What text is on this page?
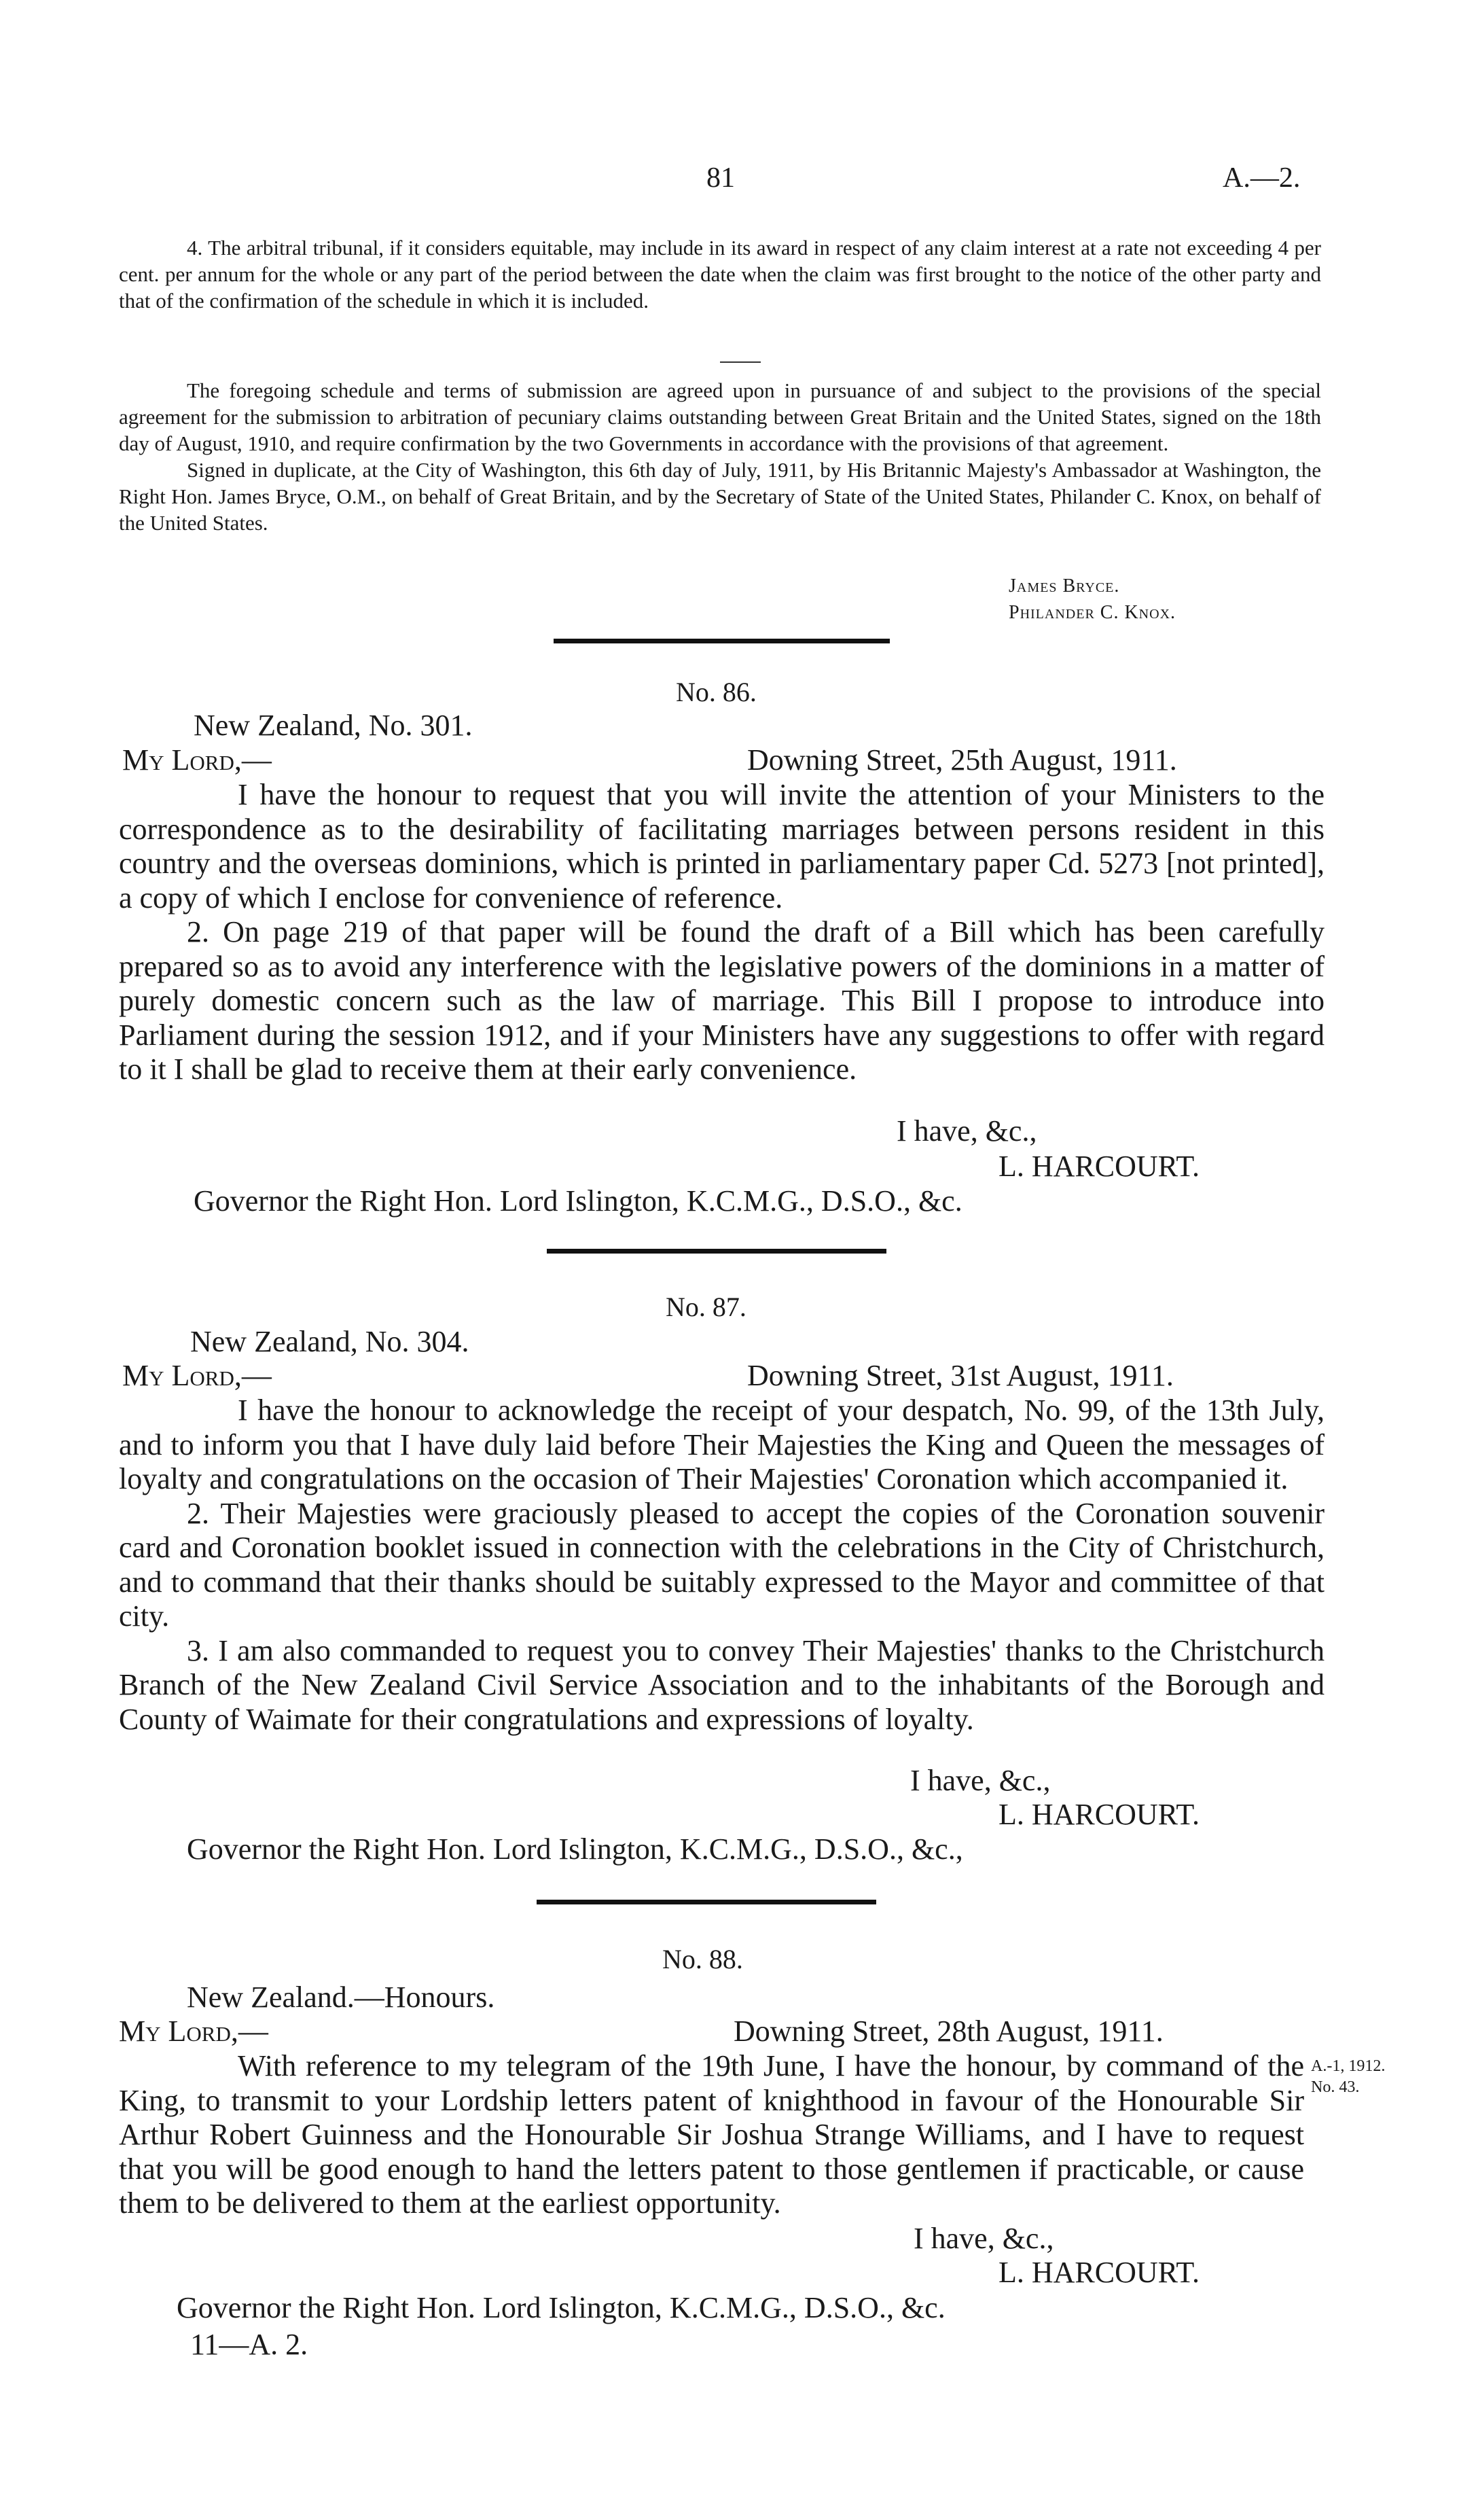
81	A.—2.

4. The arbitral tribunal, if it considers equitable, may include in its award in respect of any claim interest at a rate not exceeding 4 per cent. per annum for the whole or any part of the period between the date when the claim was first brought to the notice of the other party and that of the confirmation of the schedule in which it is included.

The foregoing schedule and terms of submission are agreed upon in pursuance of and subject to the provisions of the special agreement for the submission to arbitration of pecuniary claims outstanding between Great Britain and the United States, signed on the 18th day of August, 1910, and require confirmation by the two Governments in accordance with the provisions of that agreement.

Signed in duplicate, at the City of Washington, this 6th day of July, 1911, by His Britannic Majesty's Ambassador at Washington, the Right Hon. James Bryce, O.M., on behalf of Great Britain, and by the Secretary of State of the United States, Philander C. Knox, on behalf of the United States.

James Bryce.
Philander C. Knox.
No. 86.
New Zealand, No. 301.
My Lord,—	Downing Street, 25th August, 1911.

I have the honour to request that you will invite the attention of your Ministers to the correspondence as to the desirability of facilitating marriages between persons resident in this country and the overseas dominions, which is printed in parliamentary paper Cd. 5273 [not printed], a copy of which I enclose for convenience of reference.

2. On page 219 of that paper will be found the draft of a Bill which has been carefully prepared so as to avoid any interference with the legislative powers of the dominions in a matter of purely domestic concern such as the law of marriage. This Bill I propose to introduce into Parliament during the session 1912, and if your Ministers have any suggestions to offer with regard to it I shall be glad to receive them at their early convenience.

I have, &c.,
L. HARCOURT.
Governor the Right Hon. Lord Islington, K.C.M.G., D.S.O., &c.
No. 87.
New Zealand, No. 304.
My Lord,—	Downing Street, 31st August, 1911.

I have the honour to acknowledge the receipt of your despatch, No. 99, of the 13th July, and to inform you that I have duly laid before Their Majesties the King and Queen the messages of loyalty and congratulations on the occasion of Their Majesties' Coronation which accompanied it.

2. Their Majesties were graciously pleased to accept the copies of the Coronation souvenir card and Coronation booklet issued in connection with the celebrations in the City of Christchurch, and to command that their thanks should be suitably expressed to the Mayor and committee of that city.

3. I am also commanded to request you to convey Their Majesties' thanks to the Christchurch Branch of the New Zealand Civil Service Association and to the inhabitants of the Borough and County of Waimate for their congratulations and expressions of loyalty.

I have, &c.,
L. HARCOURT.
Governor the Right Hon. Lord Islington, K.C.M.G., D.S.O., &c.,
No. 88.
New Zealand.—Honours.
My Lord,—	Downing Street, 28th August, 1911.

With reference to my telegram of the 19th June, I have the honour, by command of the King, to transmit to your Lordship letters patent of knighthood in favour of the Honourable Sir Arthur Robert Guinness and the Honourable Sir Joshua Strange Williams, and I have to request that you will be good enough to hand the letters patent to those gentlemen if practicable, or cause them to be delivered to them at the earliest opportunity.

A.-1, 1912.
No. 43.
I have, &c.,
L. HARCOURT.
Governor the Right Hon. Lord Islington, K.C.M.G., D.S.O., &c.
11—A. 2.
